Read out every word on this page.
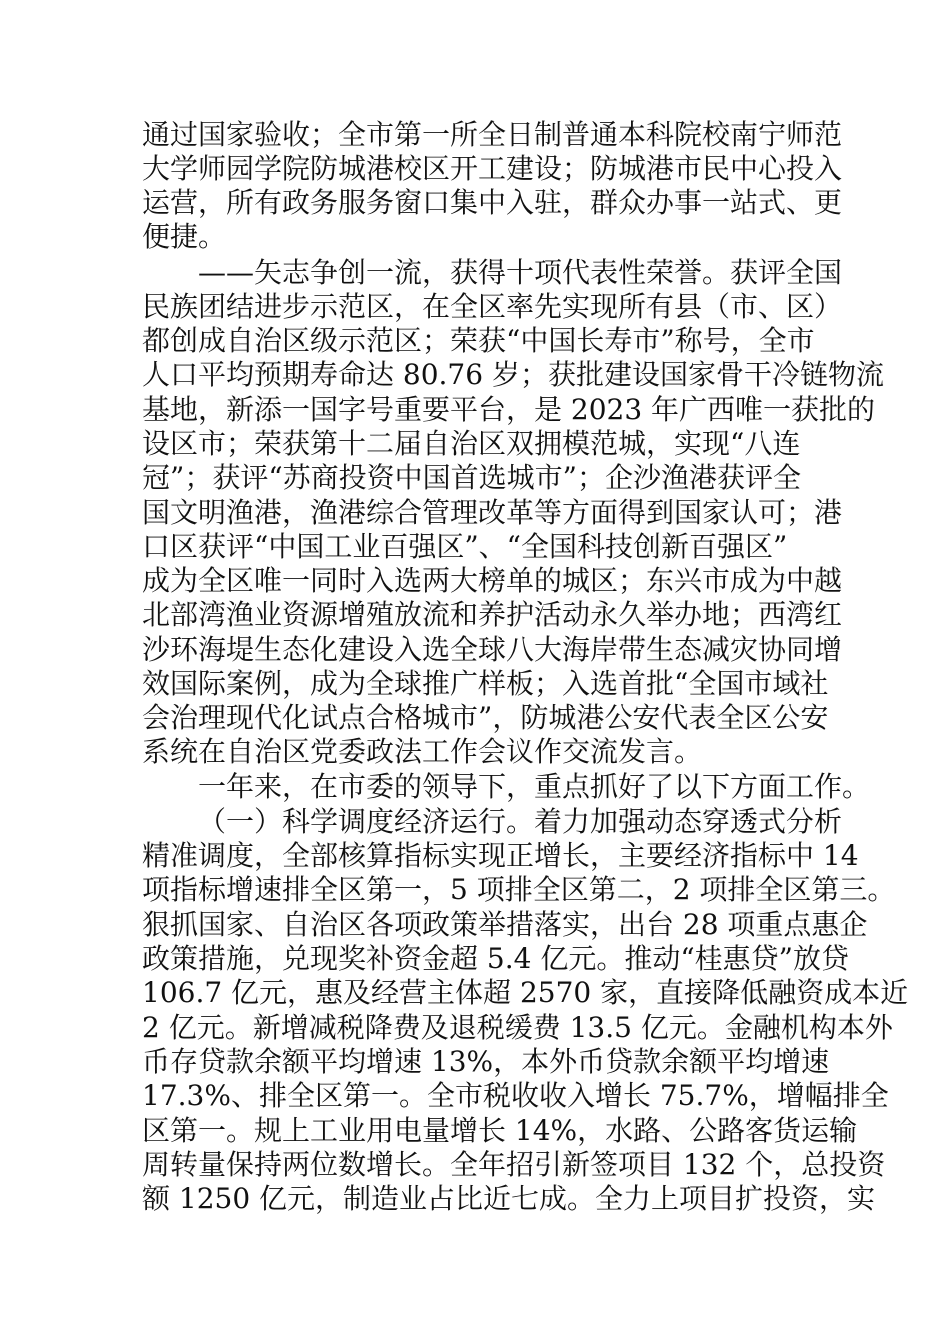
通过国家验收；全市第一所全日制普通本科院校南宁师范
大学师园学院防城港校区开工建设；防城港市民中心投入
运营，所有政务服务窗口集中入驻，群众办事一站式、更
便捷。
——矢志争创一流，获得十项代表性荣誉。获评全国
民族团结进步示范区，在全区率先实现所有县（市、区）
都创成自治区级示范区；荣获“中国长寿市”称号，全市
人口平均预期寿命达 80.76 岁；获批建设国家骨干冷链物流
基地，新添一国字号重要平台，是 2023 年广西唯一获批的
设区市；荣获第十二届自治区双拥模范城，实现“八连
冠”；获评“苏商投资中国首选城市”；企沙渔港获评全
国文明渔港，渔港综合管理改革等方面得到国家认可；港
口区获评“中国工业百强区”、“全国科技创新百强区”
成为全区唯一同时入选两大榜单的城区；东兴市成为中越
北部湾渔业资源增殖放流和养护活动永久举办地；西湾红
沙环海堤生态化建设入选全球八大海岸带生态减灾协同增
效国际案例，成为全球推广样板；入选首批“全国市域社
会治理现代化试点合格城市”，防城港公安代表全区公安
系统在自治区党委政法工作会议作交流发言。
一年来，在市委的领导下，重点抓好了以下方面工作。
（一）科学调度经济运行。着力加强动态穿透式分析
精准调度，全部核算指标实现正增长，主要经济指标中 14
项指标增速排全区第一，5 项排全区第二，2 项排全区第三。
狠抓国家、自治区各项政策举措落实，出台 28 项重点惠企
政策措施，兑现奖补资金超 5.4 亿元。推动“桂惠贷”放贷
106.7 亿元，惠及经营主体超 2570 家，直接降低融资成本近
2 亿元。新增减税降费及退税缓费 13.5 亿元。金融机构本外
币存贷款余额平均增速 13%，本外币贷款余额平均增速
17.3%、排全区第一。全市税收收入增长 75.7%，增幅排全
区第一。规上工业用电量增长 14%，水路、公路客货运输
周转量保持两位数增长。全年招引新签项目 132 个，总投资
额 1250 亿元，制造业占比近七成。全力上项目扩投资，实
